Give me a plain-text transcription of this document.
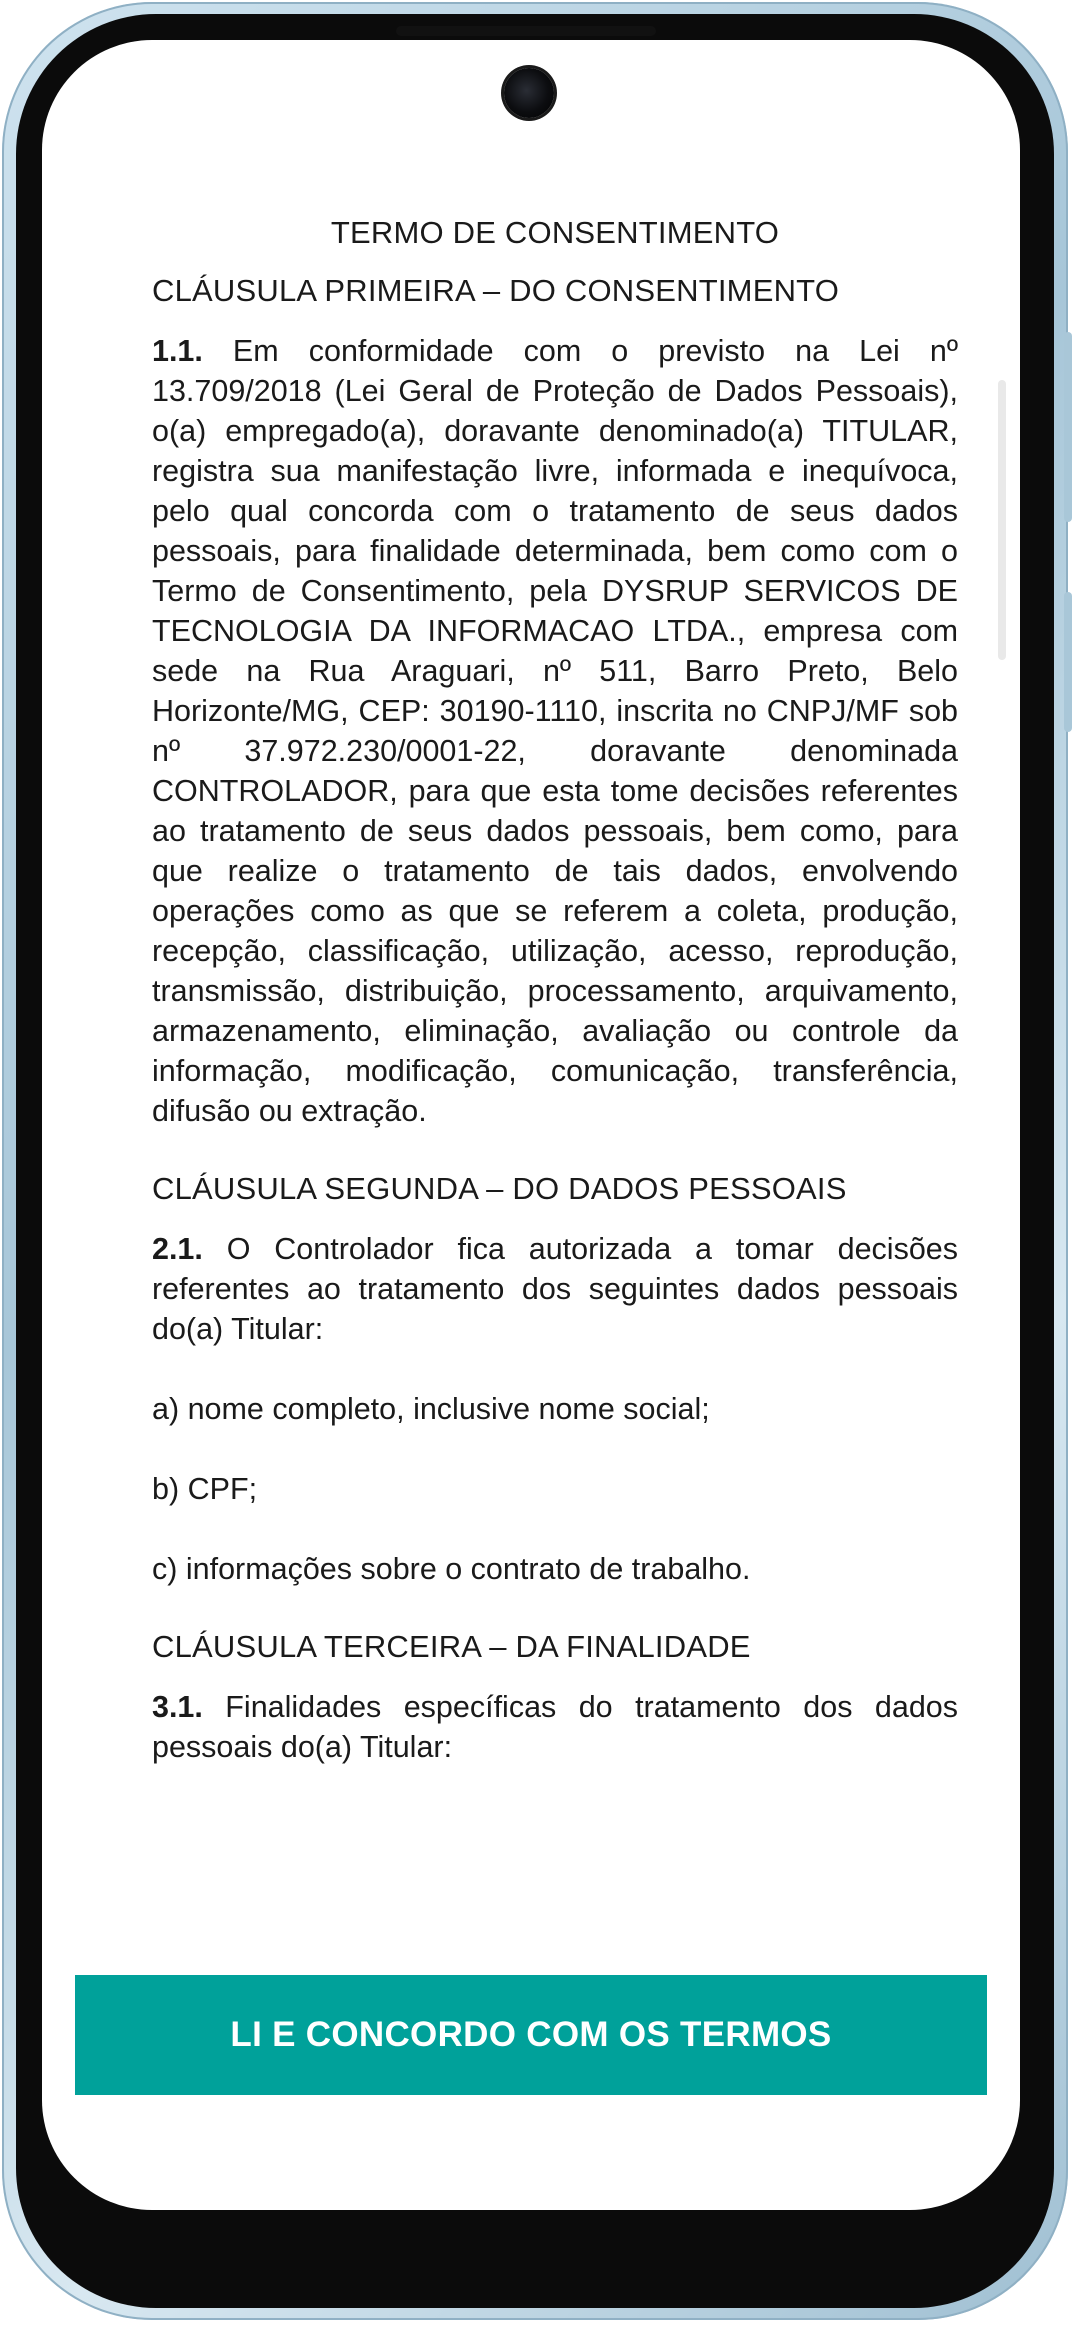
TERMO DE CONSENTIMENTO
CLÁUSULA PRIMEIRA – DO CONSENTIMENTO
1.1. Em conformidade com o previsto na Lei nº 13.709/2018 (Lei Geral de Proteção de Dados Pessoais), o(a) empregado(a), doravante denominado(a) TITULAR, registra sua manifestação livre, informada e inequívoca, pelo qual concorda com o tratamento de seus dados pessoais, para finalidade determinada, bem como com o Termo de Consentimento, pela DYSRUP SERVICOS DE TECNOLOGIA DA INFORMACAO LTDA., empresa com sede na Rua Araguari, nº 511, Barro Preto, Belo Horizonte/MG, CEP: 30190-1110, inscrita no CNPJ/MF sob nº 37.972.230/0001-22, doravante denominada CONTROLADOR, para que esta tome decisões referentes ao tratamento de seus dados pessoais, bem como, para que realize o tratamento de tais dados, envolvendo operações como as que se referem a coleta, produção, recepção, classificação, utilização, acesso, reprodução, transmissão, distribuição, processamento, arquivamento, armazenamento, eliminação, avaliação ou controle da informação, modificação, comunicação, transferência, difusão ou extração.
CLÁUSULA SEGUNDA – DO DADOS PESSOAIS
2.1. O Controlador fica autorizada a tomar decisões referentes ao tratamento dos seguintes dados pessoais do(a) Titular:
a) nome completo, inclusive nome social;
b) CPF;
c) informações sobre o contrato de trabalho.
CLÁUSULA TERCEIRA – DA FINALIDADE
3.1. Finalidades específicas do tratamento dos dados pessoais do(a) Titular:
LI E CONCORDO COM OS TERMOS
